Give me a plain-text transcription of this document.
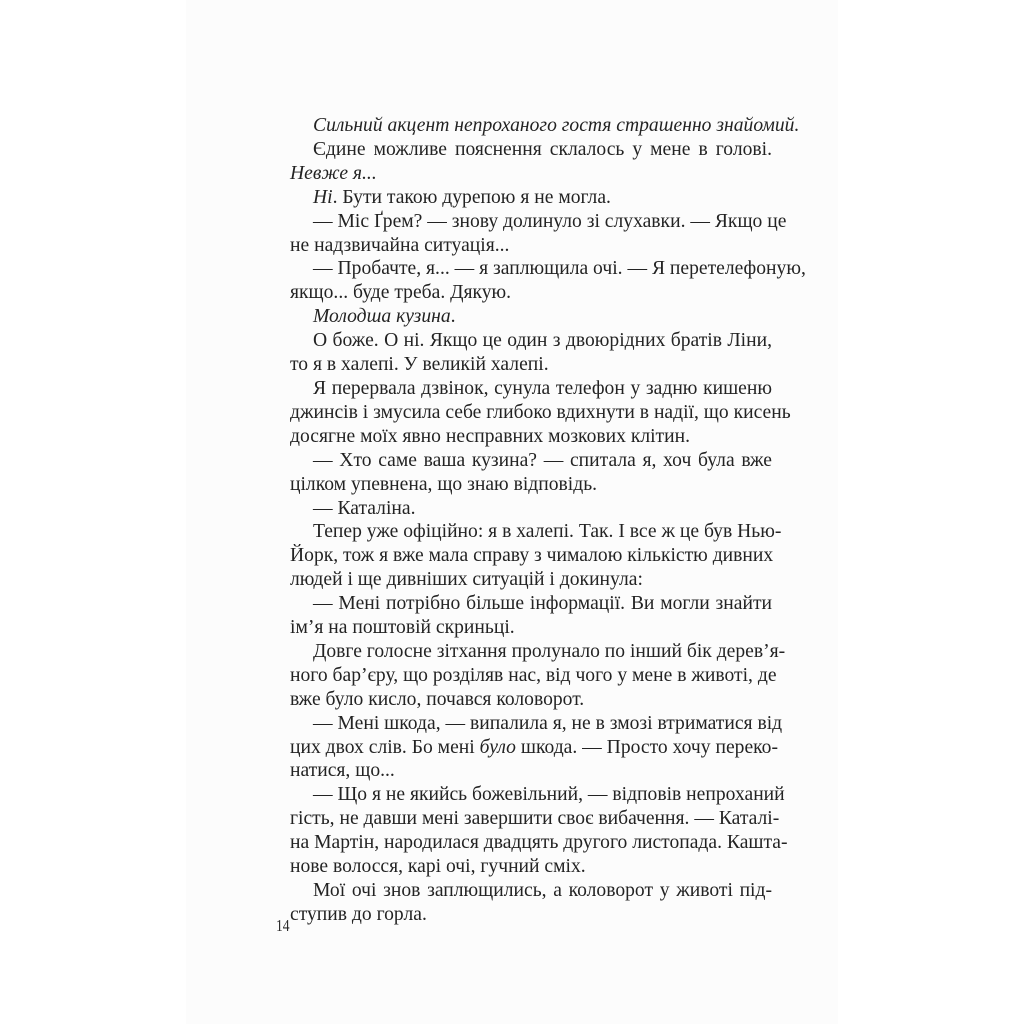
Сильний акцент непроханого гостя страшенно знайомий.
Єдине можливе пояснення склалось у мене в голові.
Невже я...
Ні. Бути такою дурепою я не могла.
— Міс Ґрем? — знову долинуло зі слухавки. — Якщо це
не надзвичайна ситуація...
— Пробачте, я... — я заплющила очі. — Я перетелефоную,
якщо... буде треба. Дякую.
Молодша кузина.
О боже. О ні. Якщо це один з двоюрідних братів Ліни,
то я в халепі. У великій халепі.
Я перервала дзвінок, сунула телефон у задню кишеню
джинсів і змусила себе глибоко вдихнути в надії, що кисень
досягне моїх явно несправних мозкових клітин.
— Хто саме ваша кузина? — спитала я, хоч була вже
цілком упевнена, що знаю відповідь.
— Каталіна.
Тепер уже офіційно: я в халепі. Так. І все ж це був Нью-
Йорк, тож я вже мала справу з чималою кількістю дивних
людей і ще дивніших ситуацій і докинула:
— Мені потрібно більше інформації. Ви могли знайти
ім’я на поштовій скриньці.
Довге голосне зітхання пролунало по інший бік дерев’я-
ного бар’єру, що розділяв нас, від чого у мене в животі, де
вже було кисло, почався коловорот.
— Мені шкода, — випалила я, не в змозі втриматися від
цих двох слів. Бо мені було шкода. — Просто хочу переко-
натися, що...
— Що я не якийсь божевільний, — відповів непроханий
гість, не давши мені завершити своє вибачення. — Каталі-
на Мартін, народилася двадцять другого листопада. Кашта-
нове волосся, карі очі, гучний сміх.
Мої очі знов заплющились, а коловорот у животі під-
ступив до горла.
14
